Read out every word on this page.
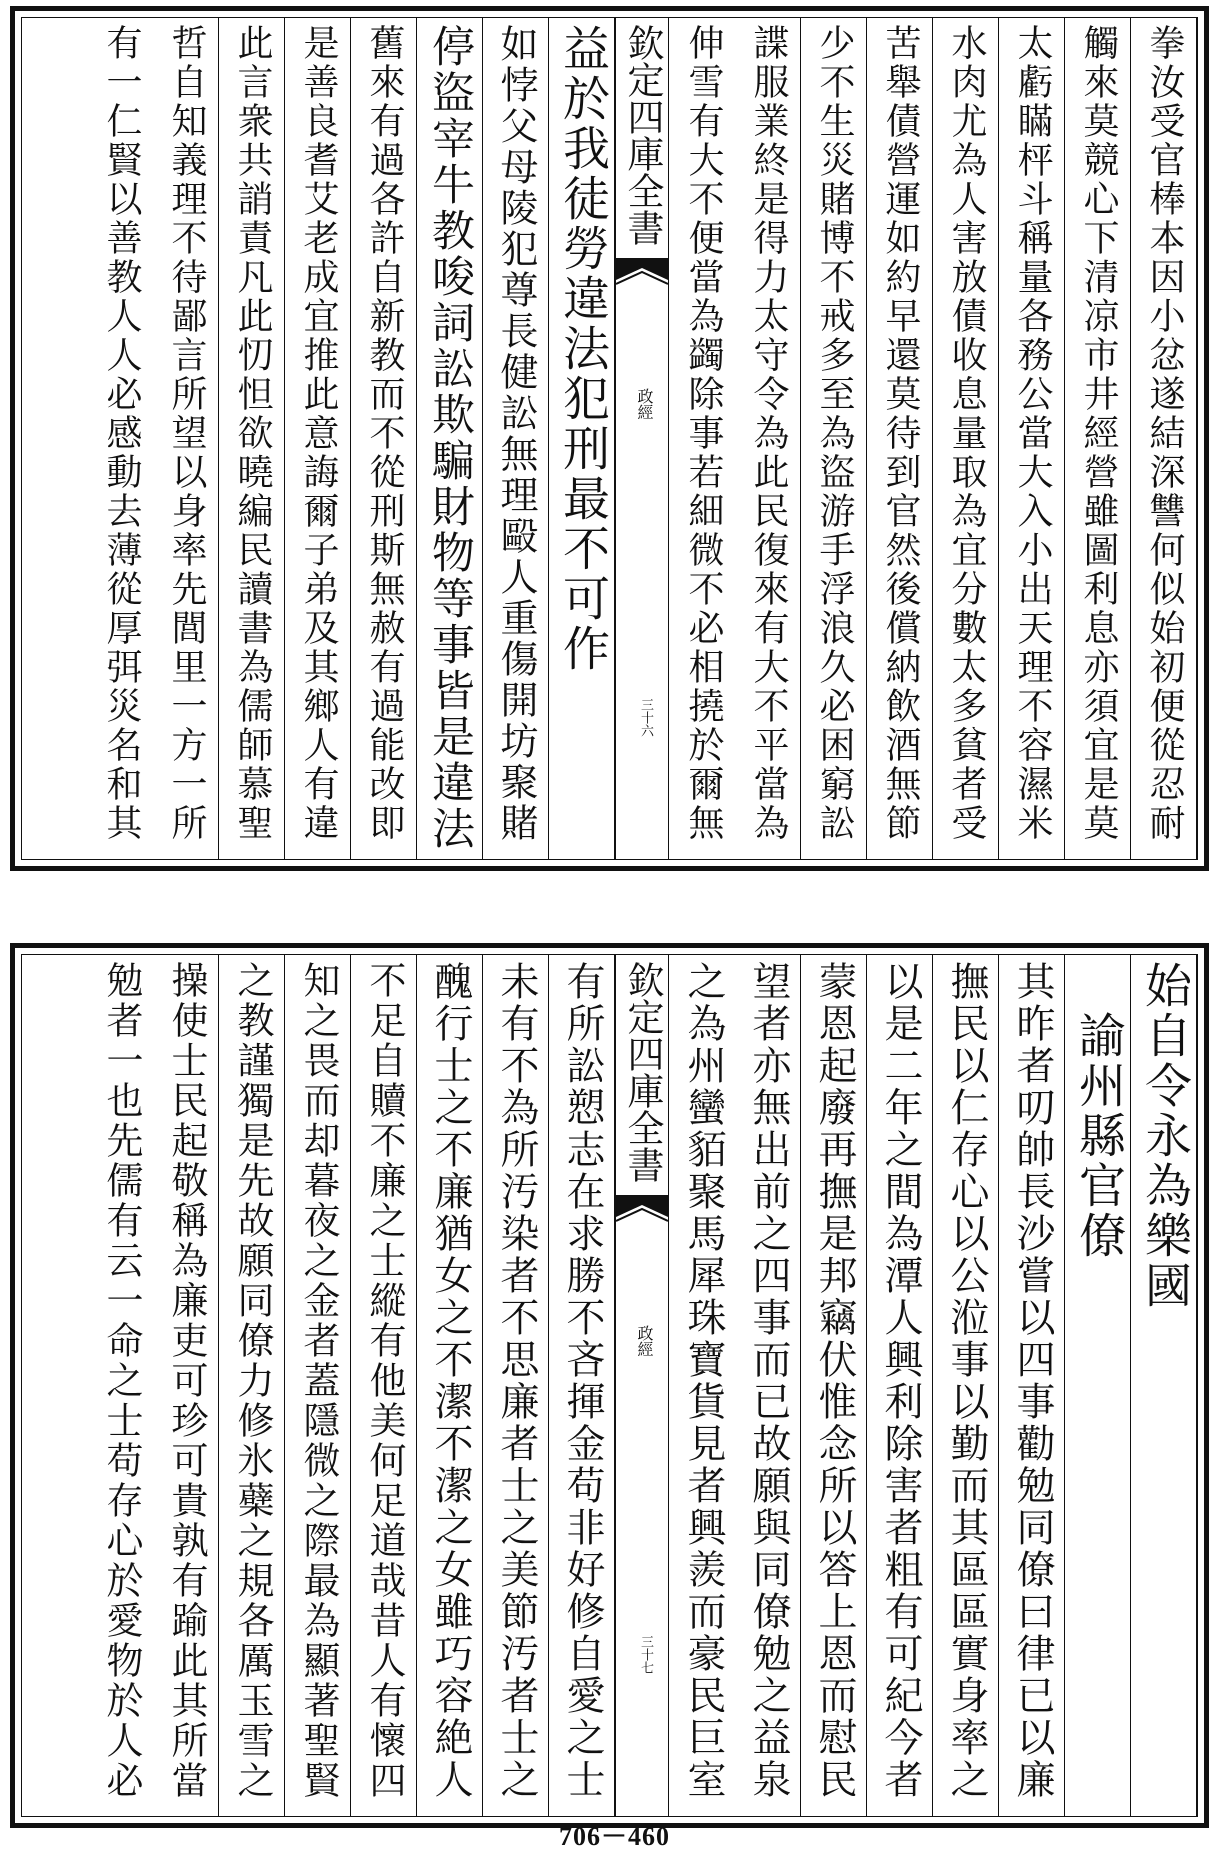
拳汝受官棒本因小忿遂結深讐何似始初便從忍耐
觸來莫競心下清凉市井經營雖圖利息亦須宜是莫
太虧瞞枰斗稱量各務公當大入小出天理不容濕米
水肉尤為人害放債收息量取為宜分數太多貧者受
苦舉債營運如約早還莫待到官然後償納飲酒無節
少不生災賭博不戒多至為盜游手浮浪久必困窮訟
諜服業終是得力太守令為此民復來有大不平當為
伸雪有大不便當為蠲除事若細微不必相撓於爾無
欽定四庫全書
政經
三十六
益於我徒勞違法犯刑最不可作
如悖父母陵犯尊長健訟無理毆人重傷開坊聚賭
停盜宰牛教唆詞訟欺騙財物等事皆是違法
舊來有過各許自新教而不從刑斯無赦有過能改即
是善良耆艾老成宜推此意誨爾子弟及其鄉人有違
此言衆共誚責凡此忉怛欲曉編民讀書為儒師慕聖
哲自知義理不待鄙言所望以身率先閭里一方一所
有一仁賢以善教人人必感動去薄從厚弭災名和其
始自令永為樂國
　諭州縣官僚
其昨者叨帥長沙嘗以四事勸勉同僚曰律已以廉
撫民以仁存心以公涖事以勤而其區區實身率之
以是二年之間為潭人興利除害者粗有可紀今者
蒙恩起廢再撫是邦竊伏惟念所以答上恩而慰民
望者亦無出前之四事而已故願與同僚勉之益泉
之為州蠻貊聚馬犀珠寶貨見者興羨而豪民巨室
欽定四庫全書
政經
三十七
有所訟愬志在求勝不吝揮金苟非好修自愛之士
未有不為所汚染者不思廉者士之美節汚者士之
醜行士之不廉猶女之不潔不潔之女雖巧容絶人
不足自贖不廉之士縱有他美何足道哉昔人有懷四
知之畏而却暮夜之金者蓋隱微之際最為顯著聖賢
之教謹獨是先故願同僚力修氷蘗之規各厲玉雪之
操使士民起敬稱為廉吏可珍可貴孰有踰此其所當
勉者一也先儒有云一命之士苟存心於愛物於人必
706－460
